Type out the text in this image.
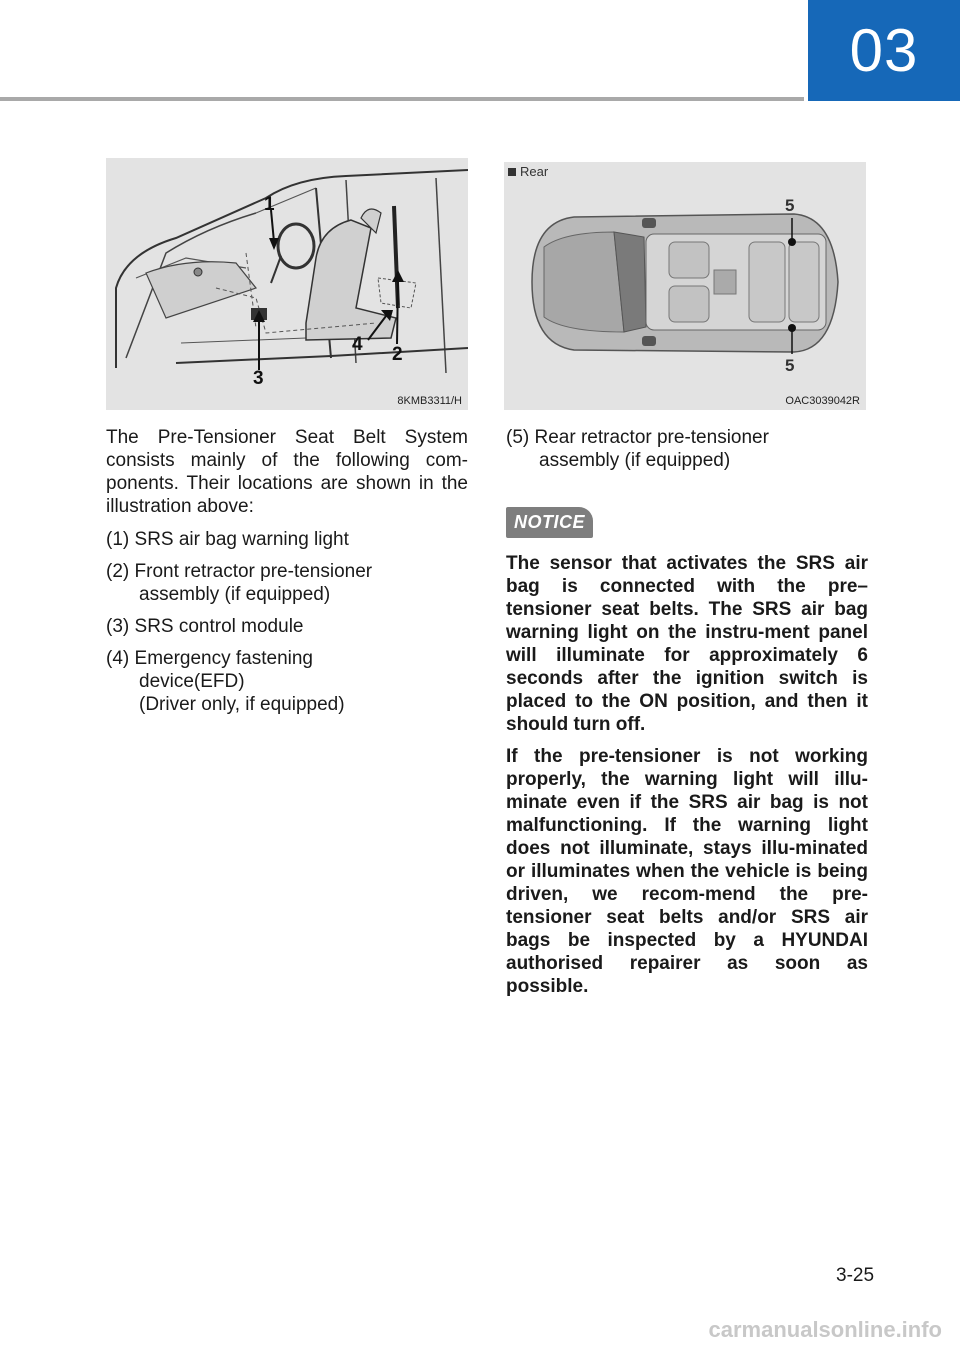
03
1
2
3
4
8KMB3311/H
Rear
5
5
OAC3039042R

The Pre-Tensioner Seat Belt System consists mainly of the following com-ponents. Their locations are shown in the illustration above:

(1) SRS air bag warning light
(2) Front retractor pre-tensioner
assembly (if equipped)
(3) SRS control module
(4) Emergency fastening
device(EFD)
(Driver only, if equipped)
(5) Rear retractor pre-tensioner
assembly (if equipped)
NOTICE

The sensor that activates the SRS air bag is connected with the pre–tensioner seat belts. The SRS air bag warning light on the instru-ment panel will illuminate for approximately 6 seconds after the ignition switch is placed to the ON position, and then it should turn off.

If the pre-tensioner is not working properly, the warning light will illu-minate even if the SRS air bag is not malfunctioning. If the warning light does not illuminate, stays illu-minated or illuminates when the vehicle is being driven, we recom-mend the pre-tensioner seat belts and/or SRS air bags be inspected by a HYUNDAI authorised repairer as soon as possible.

3-25
carmanualsonline.info
